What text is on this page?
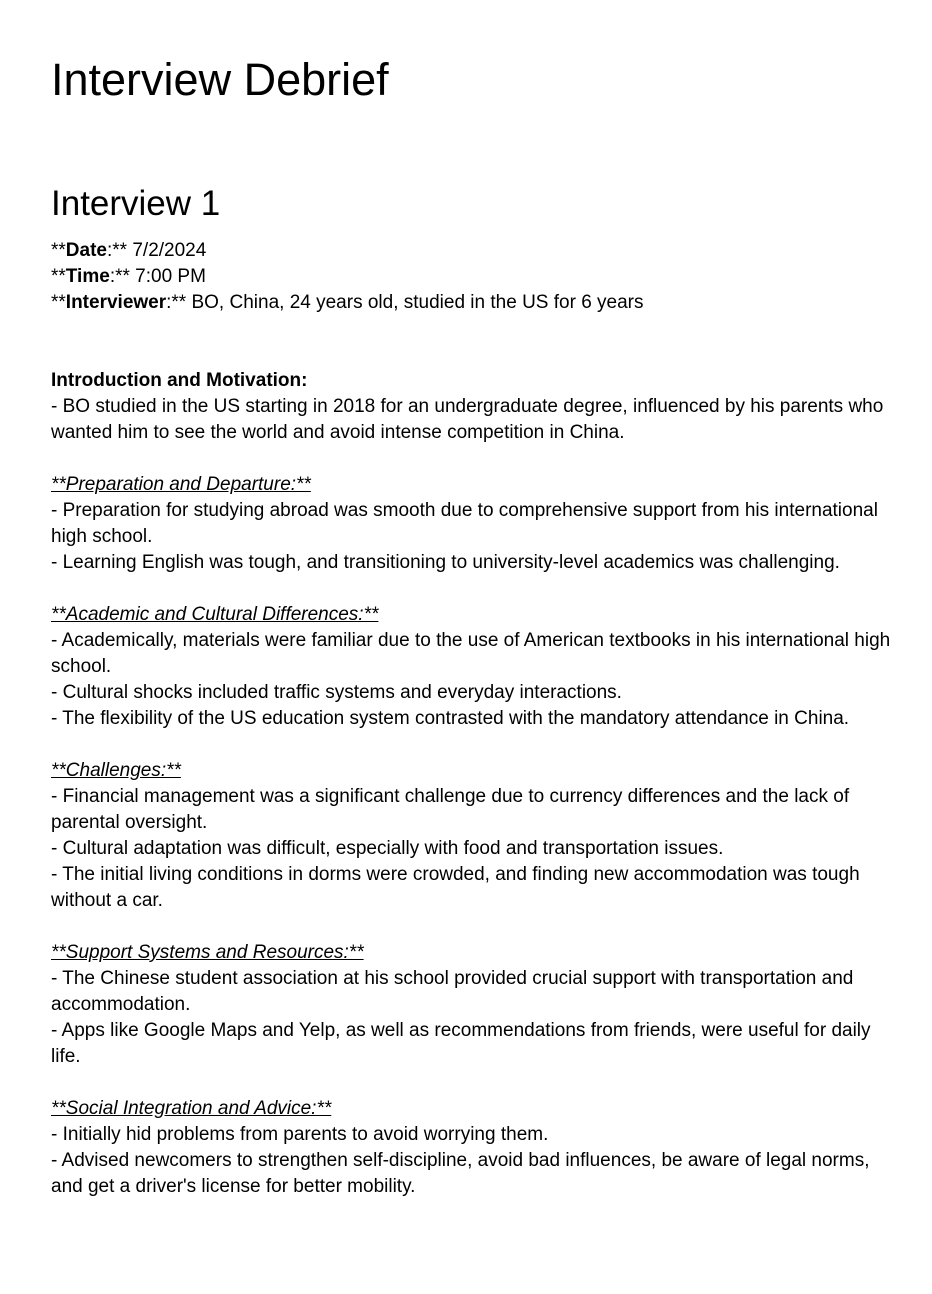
Interview Debrief
Interview 1
**Date:** 7/2/2024
**Time:** 7:00 PM
**Interviewer:** BO, China, 24 years old, studied in the US for 6 years
Introduction and Motivation:
- BO studied in the US starting in 2018 for an undergraduate degree, influenced by his parents who wanted him to see the world and avoid intense competition in China.
**Preparation and Departure:**
- Preparation for studying abroad was smooth due to comprehensive support from his international high school.
- Learning English was tough, and transitioning to university-level academics was challenging.
**Academic and Cultural Differences:**
- Academically, materials were familiar due to the use of American textbooks in his international high school.
- Cultural shocks included traffic systems and everyday interactions.
- The flexibility of the US education system contrasted with the mandatory attendance in China.
**Challenges:**
- Financial management was a significant challenge due to currency differences and the lack of parental oversight.
- Cultural adaptation was difficult, especially with food and transportation issues.
- The initial living conditions in dorms were crowded, and finding new accommodation was tough without a car.
**Support Systems and Resources:**
- The Chinese student association at his school provided crucial support with transportation and accommodation.
- Apps like Google Maps and Yelp, as well as recommendations from friends, were useful for daily life.
**Social Integration and Advice:**
- Initially hid problems from parents to avoid worrying them.
- Advised newcomers to strengthen self-discipline, avoid bad influences, be aware of legal norms, and get a driver's license for better mobility.
